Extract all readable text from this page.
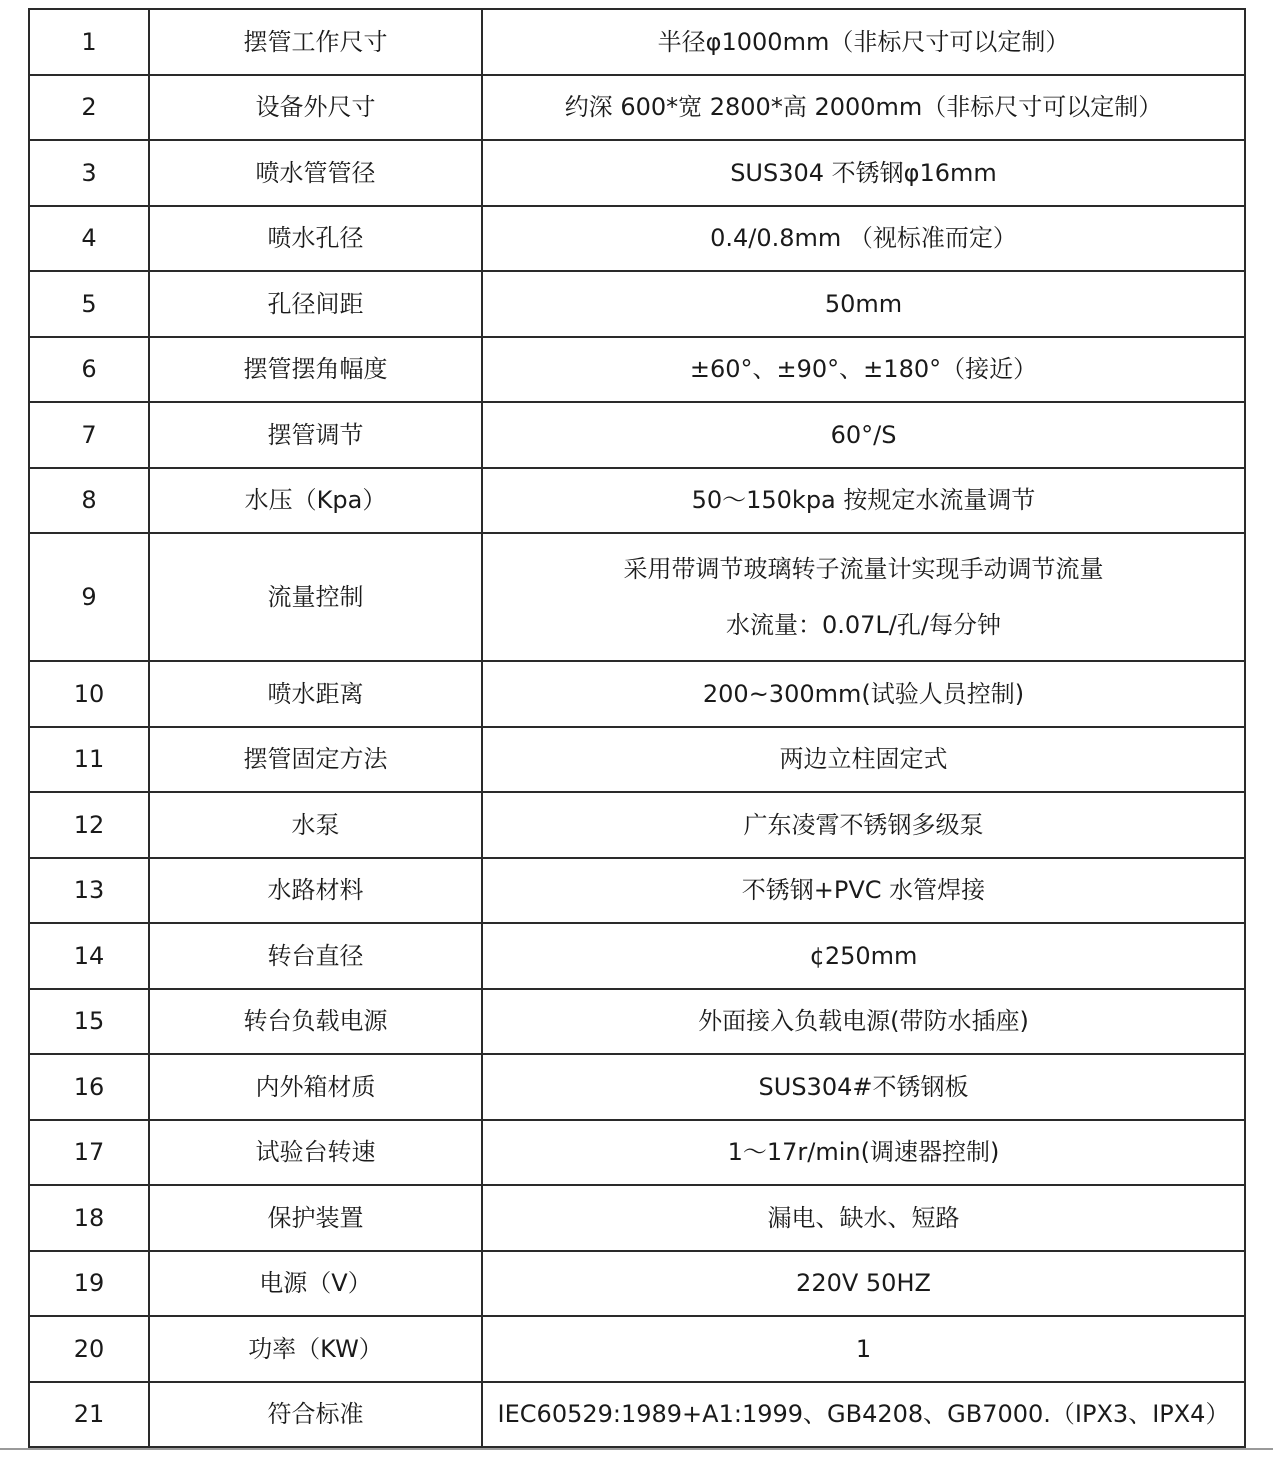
1	摆管工作尺寸	半径φ1000mm（非标尺寸可以定制）

2	设备外尺寸	约深 600*宽 2800*高 2000mm（非标尺寸可以定制）

3	喷水管管径	SUS304 不锈钢φ16mm

4	喷水孔径	0.4/0.8mm （视标准而定）

5	孔径间距	50mm

6	摆管摆角幅度	±60°、±90°、±180°（接近）

7	摆管调节	60°/S

8	水压（Kpa）	50～150kpa 按规定水流量调节

9	流量控制	采用带调节玻璃转子流量计实现手动调节流量
水流量：0.07L/孔/每分钟

10	喷水距离	200~300mm(试验人员控制)

11	摆管固定方法	两边立柱固定式

12	水泵	广东凌霄不锈钢多级泵

13	水路材料	不锈钢+PVC 水管焊接

14	转台直径	¢250mm

15	转台负载电源	外面接入负载电源(带防水插座)

16	内外箱材质	SUS304#不锈钢板

17	试验台转速	1～17r/min(调速器控制)

18	保护装置	漏电、缺水、短路

19	电源（V）	220V 50HZ

20	功率（KW）	1

21	符合标准	IEC60529:1989+A1:1999、GB4208、GB7000.（IPX3、IPX4）
